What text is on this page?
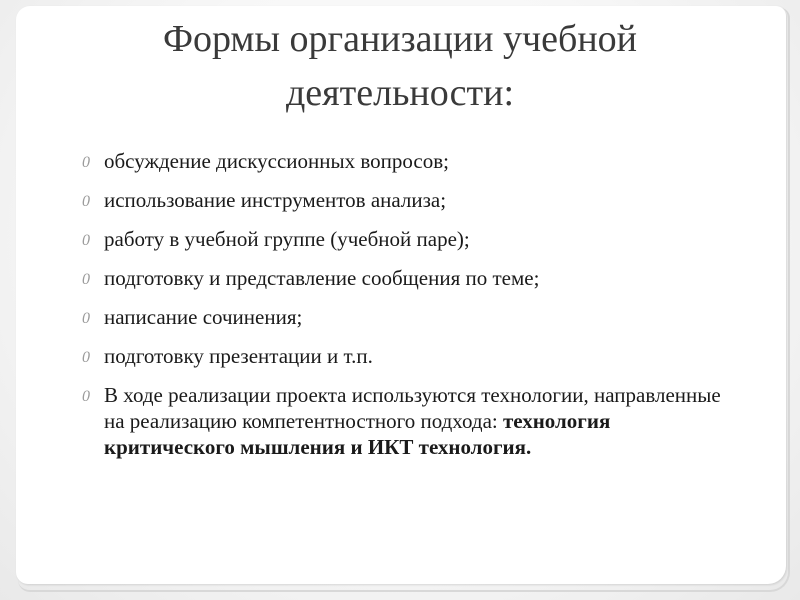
Формы организации учебной деятельности:
0 обсуждение дискуссионных вопросов;
0 использование инструментов анализа;
0 работу в учебной группе (учебной паре);
0 подготовку и представление сообщения по теме;
0 написание сочинения;
0 подготовку презентации и т.п.
0 В ходе реализации проекта используются технологии, направленные на реализацию компетентностного подхода: технология критического мышления и ИКТ технология.
